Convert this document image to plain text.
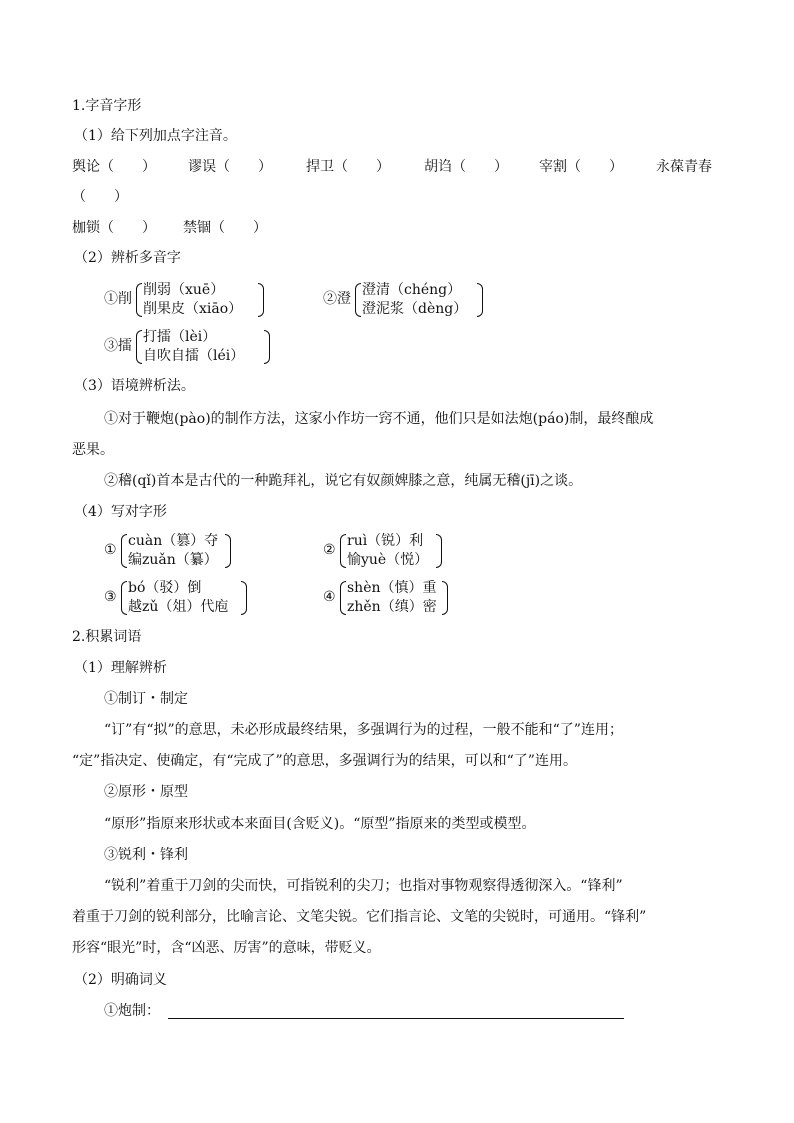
1.字音字形
（1）给下列加点字注音。
舆论（　　） 谬误（　　） 捍卫（　　） 胡诌（　　） 宰割（　　） 永葆青春
（　　）
枷锁（　　） 禁锢（　　）
（2）辨析多音字
①削
削弱（xuē）
削果皮（xiāo）
②澄
澄清（chéng）
澄泥浆（dèng）
③擂
打擂（lèi）
自吹自擂（léi）
（3）语境辨析法。
①对于鞭炮(pào)的制作方法，这家小作坊一窍不通，他们只是如法炮(páo)制，最终酿成
恶果。
②稽(qǐ)首本是古代的一种跪拜礼，说它有奴颜婢膝之意，纯属无稽(jī)之谈。
（4）写对字形
①
cuàn（篡）夺
编zuǎn（纂）
②
ruì（锐）利
愉yuè（悦）
③
bó（驳）倒
越zǔ（俎）代庖
④
shèn（慎）重
zhěn（缜）密
2.积累词语
（1）理解辨析
①制订・制定
“订”有“拟”的意思，未必形成最终结果，多强调行为的过程，一般不能和“了”连用；
“定”指决定、使确定，有“完成了”的意思，多强调行为的结果，可以和“了”连用。
②原形・原型
“原形”指原来形状或本来面目(含贬义)。“原型”指原来的类型或模型。
③锐利・锋利
“锐利”着重于刀剑的尖而快，可指锐利的尖刀；也指对事物观察得透彻深入。“锋利”
着重于刀剑的锐利部分，比喻言论、文笔尖锐。它们指言论、文笔的尖锐时，可通用。“锋利”
形容“眼光”时，含“凶恶、厉害”的意味，带贬义。
（2）明确词义
①炮制：
